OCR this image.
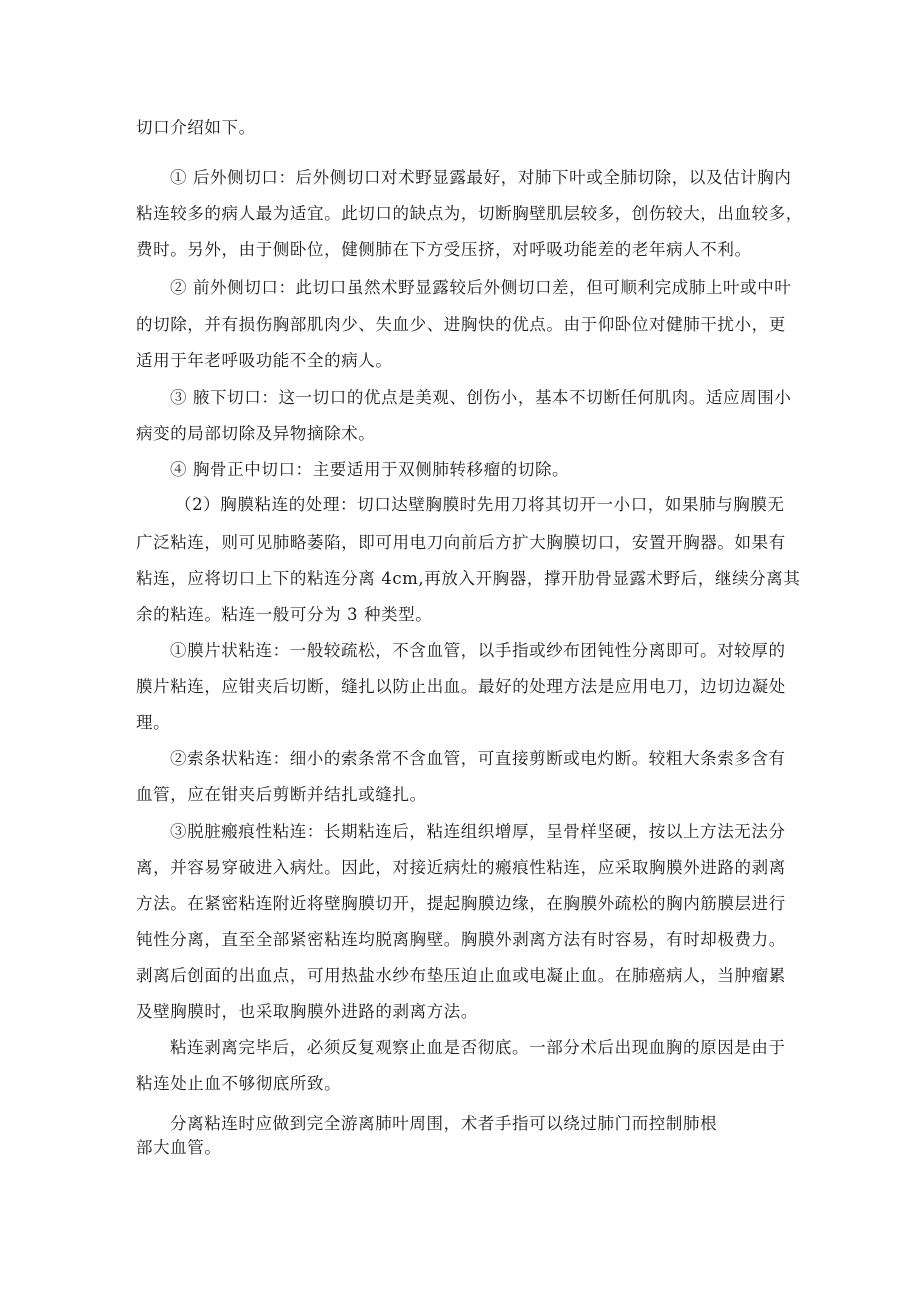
切口介绍如下。
① 后外侧切口：后外侧切口对术野显露最好，对肺下叶或全肺切除，以及估计胸内
粘连较多的病人最为适宜。此切口的缺点为，切断胸壁肌层较多，创伤较大，出血较多，
费时。另外，由于侧卧位，健侧肺在下方受压挤，对呼吸功能差的老年病人不利。
② 前外侧切口：此切口虽然术野显露较后外侧切口差，但可顺利完成肺上叶或中叶
的切除，并有损伤胸部肌肉少、失血少、进胸快的优点。由于仰卧位对健肺干扰小，更
适用于年老呼吸功能不全的病人。
③ 腋下切口：这一切口的优点是美观、创伤小，基本不切断任何肌肉。适应周围小
病变的局部切除及异物摘除术。
④ 胸骨正中切口：主要适用于双侧肺转移瘤的切除。
（2）胸膜粘连的处理：切口达壁胸膜时先用刀将其切开一小口，如果肺与胸膜无
广泛粘连，则可见肺略萎陷，即可用电刀向前后方扩大胸膜切口，安置开胸器。如果有
粘连，应将切口上下的粘连分离 4cm,再放入开胸器，撑开肋骨显露术野后，继续分离其
余的粘连。粘连一般可分为 3 种类型。
①膜片状粘连：一般较疏松，不含血管，以手指或纱布团钝性分离即可。对较厚的
膜片粘连，应钳夹后切断，缝扎以防止出血。最好的处理方法是应用电刀，边切边凝处
理。
②索条状粘连：细小的索条常不含血管，可直接剪断或电灼断。较粗大条索多含有
血管，应在钳夹后剪断并结扎或缝扎。
③脱脏瘢痕性粘连：长期粘连后，粘连组织增厚，呈骨样坚硬，按以上方法无法分
离，并容易穿破进入病灶。因此，对接近病灶的瘢痕性粘连，应采取胸膜外进路的剥离
方法。在紧密粘连附近将壁胸膜切开，提起胸膜边缘，在胸膜外疏松的胸内筋膜层进行
钝性分离，直至全部紧密粘连均脱离胸壁。胸膜外剥离方法有时容易，有时却极费力。
剥离后创面的出血点，可用热盐水纱布垫压迫止血或电凝止血。在肺癌病人，当肿瘤累
及壁胸膜时，也采取胸膜外进路的剥离方法。
粘连剥离完毕后，必须反复观察止血是否彻底。一部分术后出现血胸的原因是由于
粘连处止血不够彻底所致。
分离粘连时应做到完全游离肺叶周围，术者手指可以绕过肺门而控制肺根
部大血管。
